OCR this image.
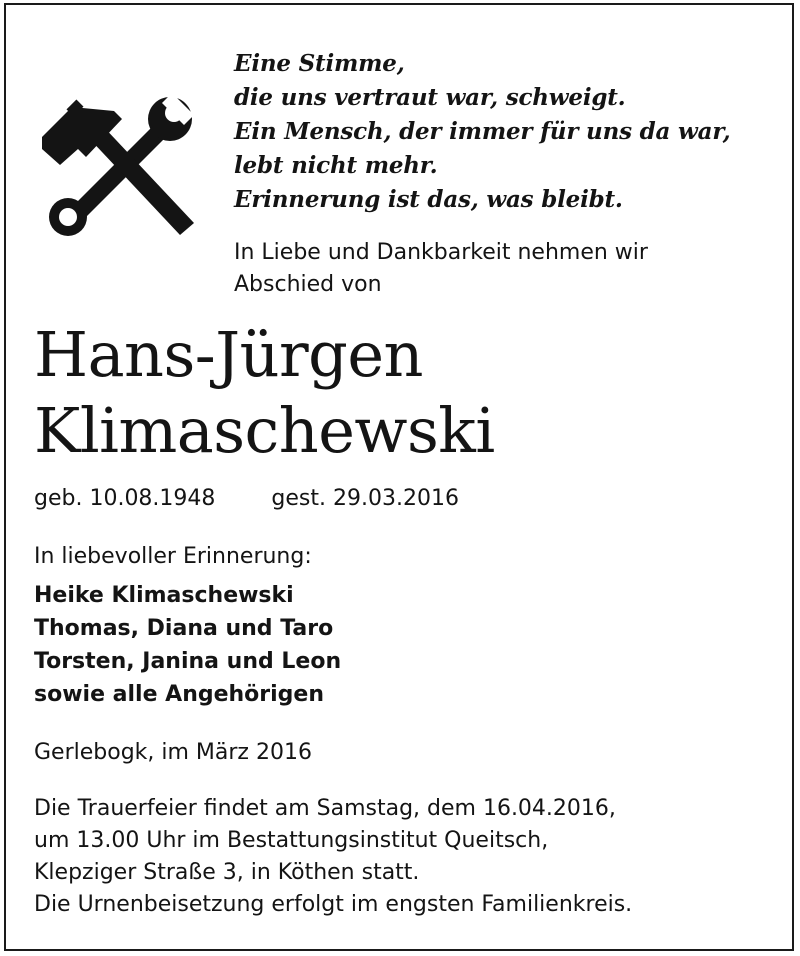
Eine Stimme,
die uns vertraut war, schweigt.
Ein Mensch, der immer für uns da war,
lebt nicht mehr.
Erinnerung ist das, was bleibt.
In Liebe und Dankbarkeit nehmen wir
Abschied von
Hans-Jürgen
Klimaschewski
geb. 10.08.1948	gest. 29.03.2016
In liebevoller Erinnerung:
Heike Klimaschewski
Thomas, Diana und Taro
Torsten, Janina und Leon
sowie alle Angehörigen
Gerlebogk, im März 2016
Die Trauerfeier findet am Samstag, dem 16.04.2016,
um 13.00 Uhr im Bestattungsinstitut Queitsch,
Klepziger Straße 3, in Köthen statt.
Die Urnenbeisetzung erfolgt im engsten Familienkreis.
